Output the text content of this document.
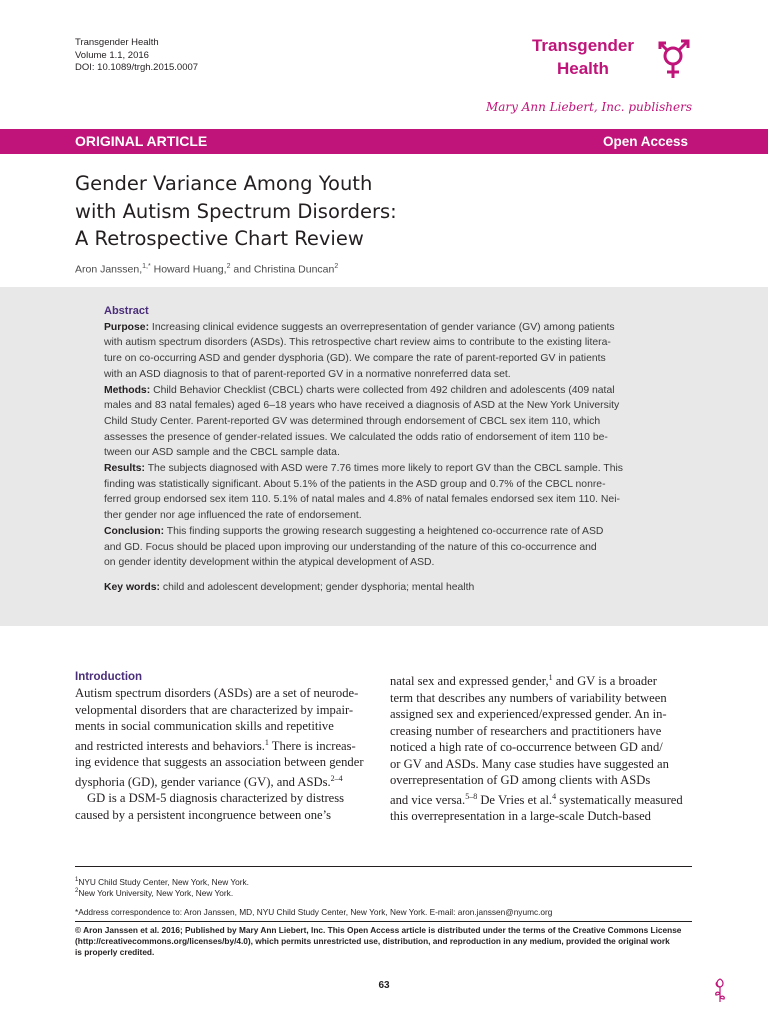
Transgender Health
Volume 1.1, 2016
DOI: 10.1089/trgh.2015.0007
Transgender
Health
Mary Ann Liebert, Inc. publishers
ORIGINAL ARTICLE	Open Access
Gender Variance Among Youth
with Autism Spectrum Disorders:
A Retrospective Chart Review
Aron Janssen,$^{1,*}$ Howard Huang,$^2$ and Christina Duncan$^2$
Abstract
Purpose: Increasing clinical evidence suggests an overrepresentation of gender variance (GV) among patients
with autism spectrum disorders (ASDs). This retrospective chart review aims to contribute to the existing litera-
ture on co-occurring ASD and gender dysphoria (GD). We compare the rate of parent-reported GV in patients
with an ASD diagnosis to that of parent-reported GV in a normative nonreferred data set.
Methods: Child Behavior Checklist (CBCL) charts were collected from 492 children and adolescents (409 natal
males and 83 natal females) aged 6–18 years who have received a diagnosis of ASD at the New York University
Child Study Center. Parent-reported GV was determined through endorsement of CBCL sex item 110, which
assesses the presence of gender-related issues. We calculated the odds ratio of endorsement of item 110 be-
tween our ASD sample and the CBCL sample data.
Results: The subjects diagnosed with ASD were 7.76 times more likely to report GV than the CBCL sample. This
finding was statistically significant. About 5.1% of the patients in the ASD group and 0.7% of the CBCL nonre-
ferred group endorsed sex item 110. 5.1% of natal males and 4.8% of natal females endorsed sex item 110. Nei-
ther gender nor age influenced the rate of endorsement.
Conclusion: This finding supports the growing research suggesting a heightened co-occurrence rate of ASD
and GD. Focus should be placed upon improving our understanding of the nature of this co-occurrence and
on gender identity development within the atypical development of ASD.
Key words: child and adolescent development; gender dysphoria; mental health
Introduction
Autism spectrum disorders (ASDs) are a set of neurode-
velopmental disorders that are characterized by impair-
ments in social communication skills and repetitive
and restricted interests and behaviors.$^1$ There is increas-
ing evidence that suggests an association between gender
dysphoria (GD), gender variance (GV), and ASDs.$^{2-4}$
GD is a DSM-5 diagnosis characterized by distress
caused by a persistent incongruence between one’s
natal sex and expressed gender,$^1$ and GV is a broader
term that describes any numbers of variability between
assigned sex and experienced/expressed gender. An in-
creasing number of researchers and practitioners have
noticed a high rate of co-occurrence between GD and/
or GV and ASDs. Many case studies have suggested an
overrepresentation of GD among clients with ASDs
and vice versa.$^{5-8}$ De Vries et al.$^4$ systematically measured
this overrepresentation in a large-scale Dutch-based
$^1$NYU Child Study Center, New York, New York.
$^2$New York University, New York, New York.
*Address correspondence to: Aron Janssen, MD, NYU Child Study Center, New York, New York. E-mail: aron.janssen@nyumc.org
© Aron Janssen et al. 2016; Published by Mary Ann Liebert, Inc. This Open Access article is distributed under the terms of the Creative Commons License
(http://creativecommons.org/licenses/by/4.0), which permits unrestricted use, distribution, and reproduction in any medium, provided the original work
is properly credited.
63
